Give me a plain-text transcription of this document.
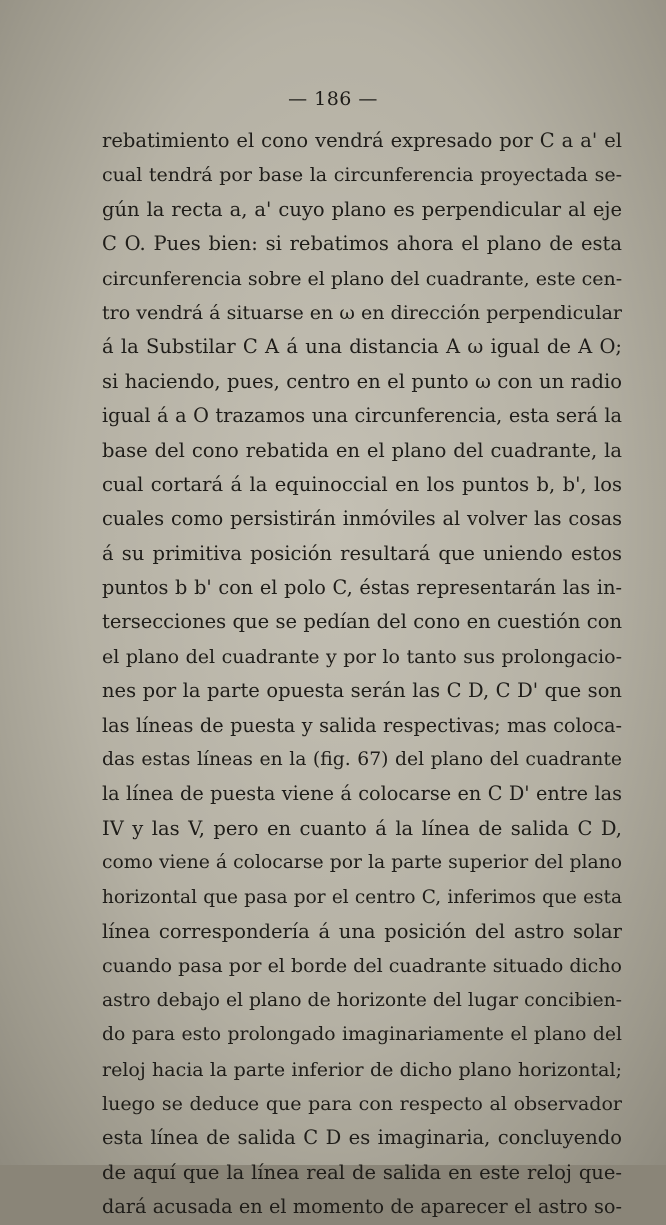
— 186 —
rebatimiento el cono vendrá expresado por C a a' el
cual tendrá por base la circunferencia proyectada se-
gún la recta a, a' cuyo plano es perpendicular al eje
C O. Pues bien: si rebatimos ahora el plano de esta
circunferencia sobre el plano del cuadrante, este cen-
tro vendrá á situarse en ω en dirección perpendicular
á la Substilar C A á una distancia A ω igual de A O;
si haciendo, pues, centro en el punto ω con un radio
igual á a O trazamos una circunferencia, esta será la
base del cono rebatida en el plano del cuadrante, la
cual cortará á la equinoccial en los puntos b, b', los
cuales como persistirán inmóviles al volver las cosas
á su primitiva posición resultará que uniendo estos
puntos b b' con el polo C, éstas representarán las in-
tersecciones que se pedían del cono en cuestión con
el plano del cuadrante y por lo tanto sus prolongacio-
nes por la parte opuesta serán las C D, C D' que son
las líneas de puesta y salida respectivas; mas coloca-
das estas líneas en la (fig. 67) del plano del cuadrante
la línea de puesta viene á colocarse en C D' entre las
IV y las V, pero en cuanto á la línea de salida C D,
como viene á colocarse por la parte superior del plano
horizontal que pasa por el centro C, inferimos que esta
línea correspondería á una posición del astro solar
cuando pasa por el borde del cuadrante situado dicho
astro debajo el plano de horizonte del lugar concibien-
do para esto prolongado imaginariamente el plano del
reloj hacia la parte inferior de dicho plano horizontal;
luego se deduce que para con respecto al observador
esta línea de salida C D es imaginaria, concluyendo
de aquí que la línea real de salida en este reloj que-
dará acusada en el momento de aparecer el astro so-
